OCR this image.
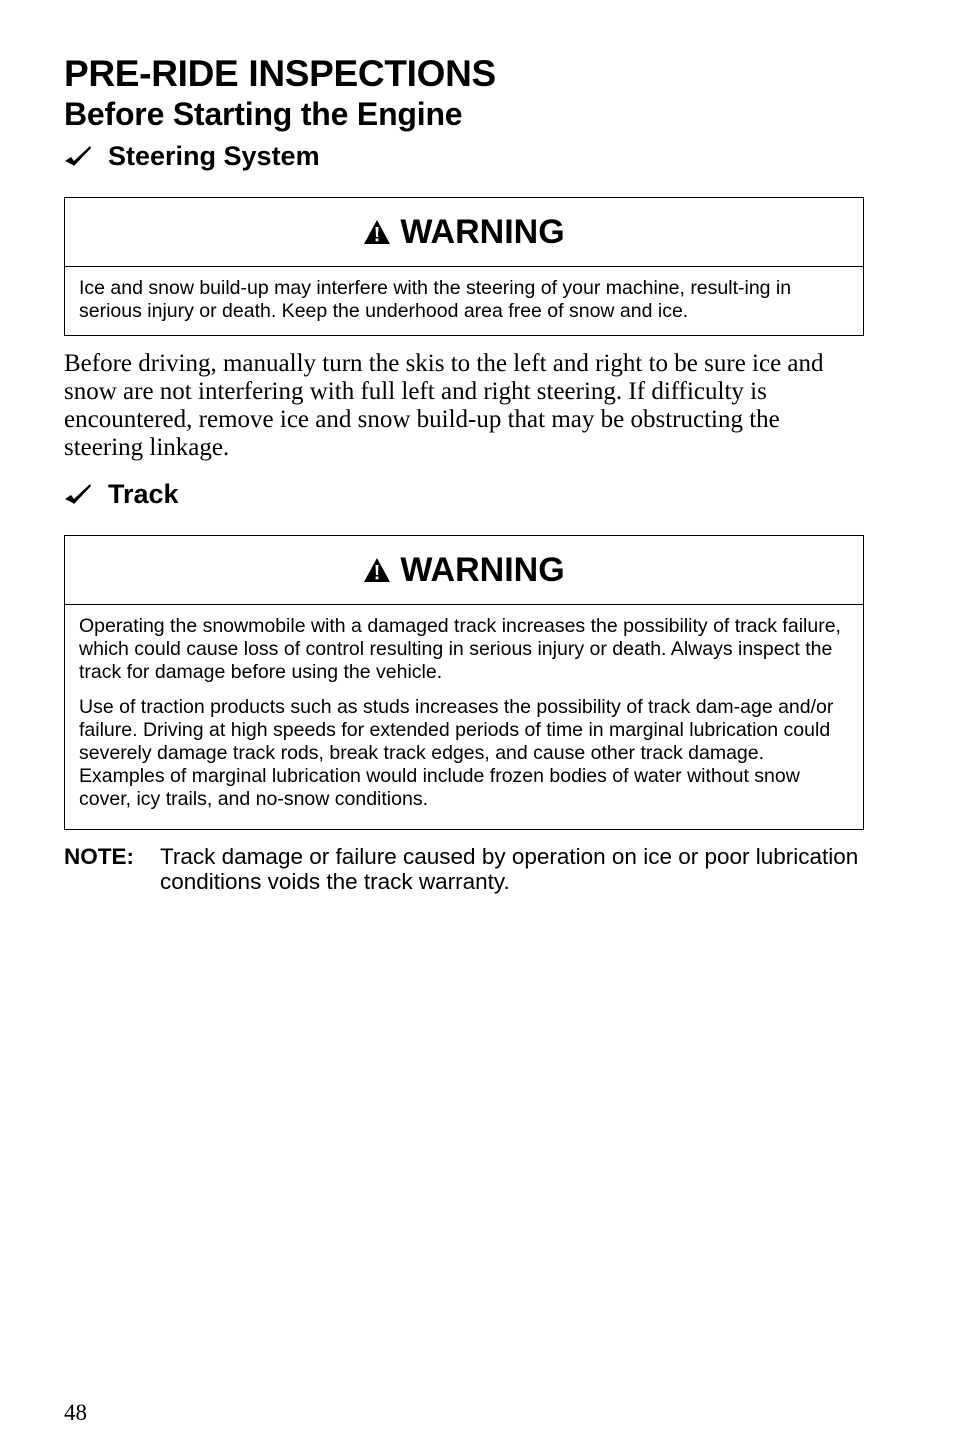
PRE-RIDE INSPECTIONS
Before Starting the Engine
Steering System
WARNING

Ice and snow build-up may interfere with the steering of your machine, result-ing in serious injury or death. Keep the underhood area free of snow and ice.

Before driving, manually turn the skis to the left and right to be sure ice and snow are not interfering with full left and right steering. If difficulty is encountered, remove ice and snow build-up that may be obstructing the steering linkage.

Track
WARNING

Operating the snowmobile with a damaged track increases the possibility of track failure, which could cause loss of control resulting in serious injury or death. Always inspect the track for damage before using the vehicle.

Use of traction products such as studs increases the possibility of track dam-age and/or failure. Driving at high speeds for extended periods of time in marginal lubrication could severely damage track rods, break track edges, and cause other track damage. Examples of marginal lubrication would include frozen bodies of water without snow cover, icy trails, and no-snow conditions.

NOTE:	Track damage or failure caused by operation on ice or poor lubrication conditions voids the track warranty.
48
